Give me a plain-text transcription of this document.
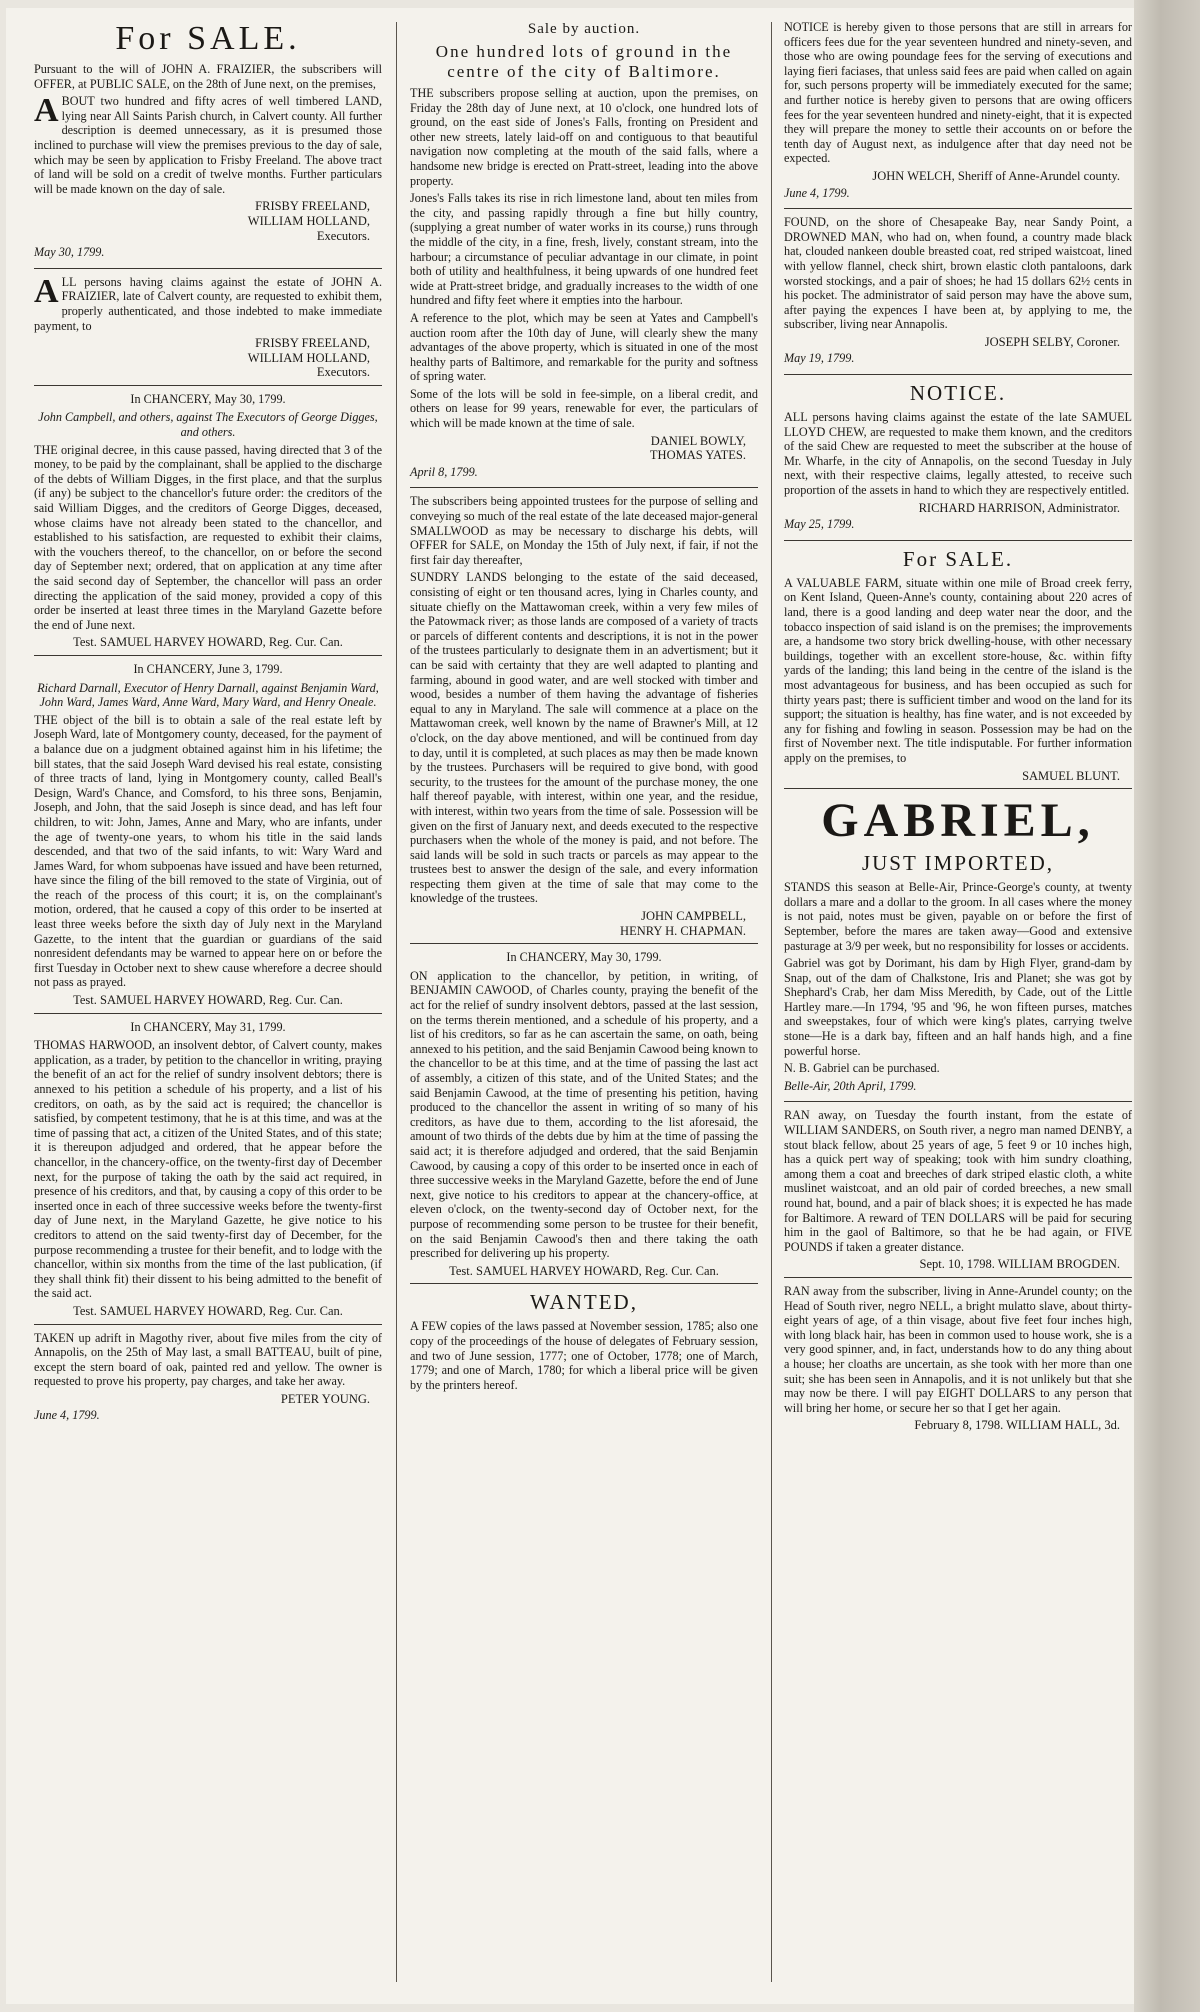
For SALE.

Pursuant to the will of JOHN A. FRAIZIER, the subscribers will OFFER, at PUBLIC SALE, on the 28th of June next, on the premises,

ABOUT two hundred and fifty acres of well timbered LAND, lying near All Saints Parish church, in Calvert county. All further description is deemed unnecessary, as it is presumed those inclined to purchase will view the premises previous to the day of sale, which may be seen by application to Frisby Freeland. The above tract of land will be sold on a credit of twelve months. Further particulars will be made known on the day of sale.

FRISBY FREELAND,
WILLIAM HOLLAND,
Executors.
May 30, 1799.

ALL persons having claims against the estate of JOHN A. FRAIZIER, late of Calvert county, are requested to exhibit them, properly authenticated, and those indebted to make immediate payment, to

FRISBY FREELAND,
WILLIAM HOLLAND,
Executors.
In CHANCERY, May 30, 1799.

John Campbell, and others, against The Executors of George Digges, and others.

THE original decree, in this cause passed, having directed that 3 of the money, to be paid by the complainant, shall be applied to the discharge of the debts of William Digges, in the first place, and that the surplus (if any) be subject to the chancellor's future order: the creditors of the said William Digges, and the creditors of George Digges, deceased, whose claims have not already been stated to the chancellor, and established to his satisfaction, are requested to exhibit their claims, with the vouchers thereof, to the chancellor, on or before the second day of September next; ordered, that on application at any time after the said second day of September, the chancellor will pass an order directing the application of the said money, provided a copy of this order be inserted at least three times in the Maryland Gazette before the end of June next.

Test. SAMUEL HARVEY HOWARD, Reg. Cur. Can.
In CHANCERY, June 3, 1799.

Richard Darnall, Executor of Henry Darnall, against Benjamin Ward, John Ward, James Ward, Anne Ward, Mary Ward, and Henry Oneale.

THE object of the bill is to obtain a sale of the real estate left by Joseph Ward, late of Montgomery county, deceased, for the payment of a balance due on a judgment obtained against him in his lifetime; the bill states, that the said Joseph Ward devised his real estate, consisting of three tracts of land, lying in Montgomery county, called Beall's Design, Ward's Chance, and Comsford, to his three sons, Benjamin, Joseph, and John, that the said Joseph is since dead, and has left four children, to wit: John, James, Anne and Mary, who are infants, under the age of twenty-one years, to whom his title in the said lands descended, and that two of the said infants, to wit: Wary Ward and James Ward, for whom subpoenas have issued and have been returned, have since the filing of the bill removed to the state of Virginia, out of the reach of the process of this court; it is, on the complainant's motion, ordered, that he caused a copy of this order to be inserted at least three weeks before the sixth day of July next in the Maryland Gazette, to the intent that the guardian or guardians of the said nonresident defendants may be warned to appear here on or before the first Tuesday in October next to shew cause wherefore a decree should not pass as prayed.

Test. SAMUEL HARVEY HOWARD, Reg. Cur. Can.
In CHANCERY, May 31, 1799.

THOMAS HARWOOD, an insolvent debtor, of Calvert county, makes application, as a trader, by petition to the chancellor in writing, praying the benefit of an act for the relief of sundry insolvent debtors; there is annexed to his petition a schedule of his property, and a list of his creditors, on oath, as by the said act is required; the chancellor is satisfied, by competent testimony, that he is at this time, and was at the time of passing that act, a citizen of the United States, and of this state; it is thereupon adjudged and ordered, that he appear before the chancellor, in the chancery-office, on the twenty-first day of December next, for the purpose of taking the oath by the said act required, in presence of his creditors, and that, by causing a copy of this order to be inserted once in each of three successive weeks before the twenty-first day of June next, in the Maryland Gazette, he give notice to his creditors to attend on the said twenty-first day of December, for the purpose recommending a trustee for their benefit, and to lodge with the chancellor, within six months from the time of the last publication, (if they shall think fit) their dissent to his being admitted to the benefit of the said act.

Test. SAMUEL HARVEY HOWARD, Reg. Cur. Can.

TAKEN up adrift in Magothy river, about five miles from the city of Annapolis, on the 25th of May last, a small BATTEAU, built of pine, except the stern board of oak, painted red and yellow. The owner is requested to prove his property, pay charges, and take her away.

PETER YOUNG.
June 4, 1799.
Sale by auction.
One hundred lots of ground in the centre of the city of Baltimore.

THE subscribers propose selling at auction, upon the premises, on Friday the 28th day of June next, at 10 o'clock, one hundred lots of ground, on the east side of Jones's Falls, fronting on President and other new streets, lately laid-off on and contiguous to that beautiful navigation now completing at the mouth of the said falls, where a handsome new bridge is erected on Pratt-street, leading into the above property.

Jones's Falls takes its rise in rich limestone land, about ten miles from the city, and passing rapidly through a fine but hilly country, (supplying a great number of water works in its course,) runs through the middle of the city, in a fine, fresh, lively, constant stream, into the harbour; a circumstance of peculiar advantage in our climate, in point both of utility and healthfulness, it being upwards of one hundred feet wide at Pratt-street bridge, and gradually increases to the width of one hundred and fifty feet where it empties into the harbour.

A reference to the plot, which may be seen at Yates and Campbell's auction room after the 10th day of June, will clearly shew the many advantages of the above property, which is situated in one of the most healthy parts of Baltimore, and remarkable for the purity and softness of spring water.

Some of the lots will be sold in fee-simple, on a liberal credit, and others on lease for 99 years, renewable for ever, the particulars of which will be made known at the time of sale.

DANIEL BOWLY,
THOMAS YATES.
April 8, 1799.

The subscribers being appointed trustees for the purpose of selling and conveying so much of the real estate of the late deceased major-general SMALLWOOD as may be necessary to discharge his debts, will OFFER for SALE, on Monday the 15th of July next, if fair, if not the first fair day thereafter,

SUNDRY LANDS belonging to the estate of the said deceased, consisting of eight or ten thousand acres, lying in Charles county, and situate chiefly on the Mattawoman creek, within a very few miles of the Patowmack river; as those lands are composed of a variety of tracts or parcels of different contents and descriptions, it is not in the power of the trustees particularly to designate them in an advertisment; but it can be said with certainty that they are well adapted to planting and farming, abound in good water, and are well stocked with timber and wood, besides a number of them having the advantage of fisheries equal to any in Maryland. The sale will commence at a place on the Mattawoman creek, well known by the name of Brawner's Mill, at 12 o'clock, on the day above mentioned, and will be continued from day to day, until it is completed, at such places as may then be made known by the trustees. Purchasers will be required to give bond, with good security, to the trustees for the amount of the purchase money, the one half thereof payable, with interest, within one year, and the residue, with interest, within two years from the time of sale. Possession will be given on the first of January next, and deeds executed to the respective purchasers when the whole of the money is paid, and not before. The said lands will be sold in such tracts or parcels as may appear to the trustees best to answer the design of the sale, and every information respecting them given at the time of sale that may come to the knowledge of the trustees.

JOHN CAMPBELL,
HENRY H. CHAPMAN.
In CHANCERY, May 30, 1799.

ON application to the chancellor, by petition, in writing, of BENJAMIN CAWOOD, of Charles county, praying the benefit of the act for the relief of sundry insolvent debtors, passed at the last session, on the terms therein mentioned, and a schedule of his property, and a list of his creditors, so far as he can ascertain the same, on oath, being annexed to his petition, and the said Benjamin Cawood being known to the chancellor to be at this time, and at the time of passing the last act of assembly, a citizen of this state, and of the United States; and the said Benjamin Cawood, at the time of presenting his petition, having produced to the chancellor the assent in writing of so many of his creditors, as have due to them, according to the list aforesaid, the amount of two thirds of the debts due by him at the time of passing the said act; it is therefore adjudged and ordered, that the said Benjamin Cawood, by causing a copy of this order to be inserted once in each of three successive weeks in the Maryland Gazette, before the end of June next, give notice to his creditors to appear at the chancery-office, at eleven o'clock, on the twenty-second day of October next, for the purpose of recommending some person to be trustee for their benefit, on the said Benjamin Cawood's then and there taking the oath prescribed for delivering up his property.

Test. SAMUEL HARVEY HOWARD, Reg. Cur. Can.
WANTED,

A FEW copies of the laws passed at November session, 1785; also one copy of the proceedings of the house of delegates of February session, and two of June session, 1777; one of October, 1778; one of March, 1779; and one of March, 1780; for which a liberal price will be given by the printers hereof.

NOTICE is hereby given to those persons that are still in arrears for officers fees due for the year seventeen hundred and ninety-seven, and those who are owing poundage fees for the serving of executions and laying fieri faciases, that unless said fees are paid when called on again for, such persons property will be immediately executed for the same; and further notice is hereby given to persons that are owing officers fees for the year seventeen hundred and ninety-eight, that it is expected they will prepare the money to settle their accounts on or before the tenth day of August next, as indulgence after that day need not be expected.

JOHN WELCH, Sheriff of Anne-Arundel county.
June 4, 1799.

FOUND, on the shore of Chesapeake Bay, near Sandy Point, a DROWNED MAN, who had on, when found, a country made black hat, clouded nankeen double breasted coat, red striped waistcoat, lined with yellow flannel, check shirt, brown elastic cloth pantaloons, dark worsted stockings, and a pair of shoes; he had 15 dollars 62½ cents in his pocket. The administrator of said person may have the above sum, after paying the expences I have been at, by applying to me, the subscriber, living near Annapolis.

JOSEPH SELBY, Coroner.
May 19, 1799.
NOTICE.

ALL persons having claims against the estate of the late SAMUEL LLOYD CHEW, are requested to make them known, and the creditors of the said Chew are requested to meet the subscriber at the house of Mr. Wharfe, in the city of Annapolis, on the second Tuesday in July next, with their respective claims, legally attested, to receive such proportion of the assets in hand to which they are respectively entitled.

RICHARD HARRISON, Administrator.
May 25, 1799.
For SALE.

A VALUABLE FARM, situate within one mile of Broad creek ferry, on Kent Island, Queen-Anne's county, containing about 220 acres of land, there is a good landing and deep water near the door, and the tobacco inspection of said island is on the premises; the improvements are, a handsome two story brick dwelling-house, with other necessary buildings, together with an excellent store-house, &c. within fifty yards of the landing; this land being in the centre of the island is the most advantageous for business, and has been occupied as such for thirty years past; there is sufficient timber and wood on the land for its support; the situation is healthy, has fine water, and is not exceeded by any for fishing and fowling in season. Possession may be had on the first of November next. The title indisputable. For further information apply on the premises, to

SAMUEL BLUNT.
GABRIEL,
JUST IMPORTED,

STANDS this season at Belle-Air, Prince-George's county, at twenty dollars a mare and a dollar to the groom. In all cases where the money is not paid, notes must be given, payable on or before the first of September, before the mares are taken away—Good and extensive pasturage at 3/9 per week, but no responsibility for losses or accidents.

Gabriel was got by Dorimant, his dam by High Flyer, grand-dam by Snap, out of the dam of Chalkstone, Iris and Planet; she was got by Shephard's Crab, her dam Miss Meredith, by Cade, out of the Little Hartley mare.—In 1794, '95 and '96, he won fifteen purses, matches and sweepstakes, four of which were king's plates, carrying twelve stone—He is a dark bay, fifteen and an half hands high, and a fine powerful horse.

N. B. Gabriel can be purchased.

Belle-Air, 20th April, 1799.

RAN away, on Tuesday the fourth instant, from the estate of WILLIAM SANDERS, on South river, a negro man named DENBY, a stout black fellow, about 25 years of age, 5 feet 9 or 10 inches high, has a quick pert way of speaking; took with him sundry cloathing, among them a coat and breeches of dark striped elastic cloth, a white muslinet waistcoat, and an old pair of corded breeches, a new small round hat, bound, and a pair of black shoes; it is expected he has made for Baltimore. A reward of TEN DOLLARS will be paid for securing him in the gaol of Baltimore, so that he be had again, or FIVE POUNDS if taken a greater distance.

Sept. 10, 1798. WILLIAM BROGDEN.

RAN away from the subscriber, living in Anne-Arundel county; on the Head of South river, negro NELL, a bright mulatto slave, about thirty-eight years of age, of a thin visage, about five feet four inches high, with long black hair, has been in common used to house work, she is a very good spinner, and, in fact, understands how to do any thing about a house; her cloaths are uncertain, as she took with her more than one suit; she has been seen in Annapolis, and it is not unlikely but that she may now be there. I will pay EIGHT DOLLARS to any person that will bring her home, or secure her so that I get her again.

February 8, 1798. WILLIAM HALL, 3d.
